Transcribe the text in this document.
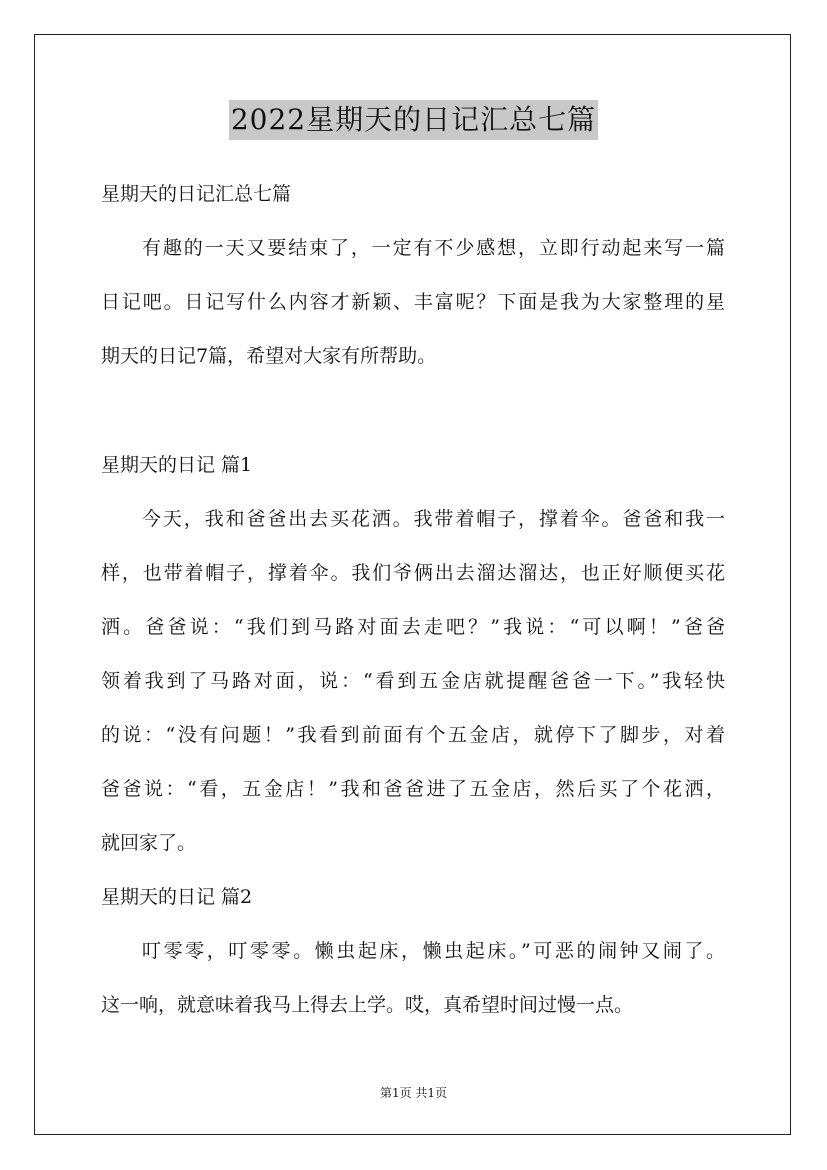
2022星期天的日记汇总七篇
星期天的日记汇总七篇
有趣的一天又要结束了，一定有不少感想，立即行动起来写一篇
日记吧。日记写什么内容才新颖、丰富呢？下面是我为大家整理的星
期天的日记7篇，希望对大家有所帮助。
星期天的日记 篇1
今天，我和爸爸出去买花洒。我带着帽子，撑着伞。爸爸和我一
样，也带着帽子，撑着伞。我们爷俩出去溜达溜达，也正好顺便买花
洒。爸爸说：“我们到马路对面去走吧？”我说：“可以啊！”爸爸
领着我到了马路对面，说：“看到五金店就提醒爸爸一下。”我轻快
的说：“没有问题！”我看到前面有个五金店，就停下了脚步，对着
爸爸说：“看，五金店！”我和爸爸进了五金店，然后买了个花洒，
就回家了。
星期天的日记 篇2
叮零零，叮零零。懒虫起床，懒虫起床。”可恶的闹钟又闹了。
这一响，就意味着我马上得去上学。哎，真希望时间过慢一点。
第1页 共1页
